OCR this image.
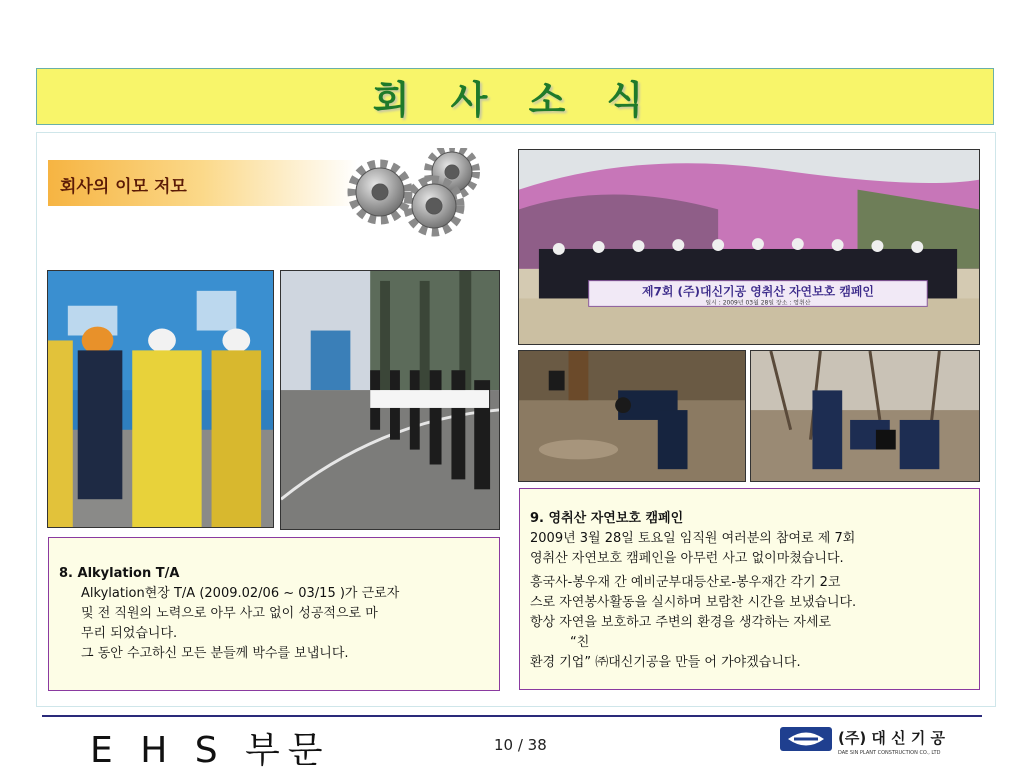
회 사 소 식
회사의 이모 저모
제7회 (주)대신기공 영취산 자연보호 캠페인
일시 : 2009년 03월 28일 장소 : 영취산
8. Alkylation T/A
Alkylation현장 T/A (2009.02/06 ~ 03/15 )가 근로자
및 전 직원의 노력으로 아무 사고 없이 성공적으로 마
무리 되었습니다.
그 동안 수고하신 모든 분들께 박수를 보냅니다.
9. 영취산 자연보호 캠페인
2009년 3월 28일 토요일 임직원 여러분의 참여로 제 7회
영취산 자연보호 캠페인을 아무런 사고 없이마쳤습니다.
흥국사-봉우재 간 예비군부대등산로-봉우재간 각기 2코
스로 자연봉사활동을 실시하며 보람찬 시간을 보냈습니다.
항상 자연을 보호하고 주변의 환경을 생각하는 자세로
“친
환경 기업” ㈜대신기공을 만들 어 가야겠습니다.
E H S 부문	10 / 38	(주) 대 신 기 공
DAE SIN PLANT CONSTRUCTION CO., LTD
